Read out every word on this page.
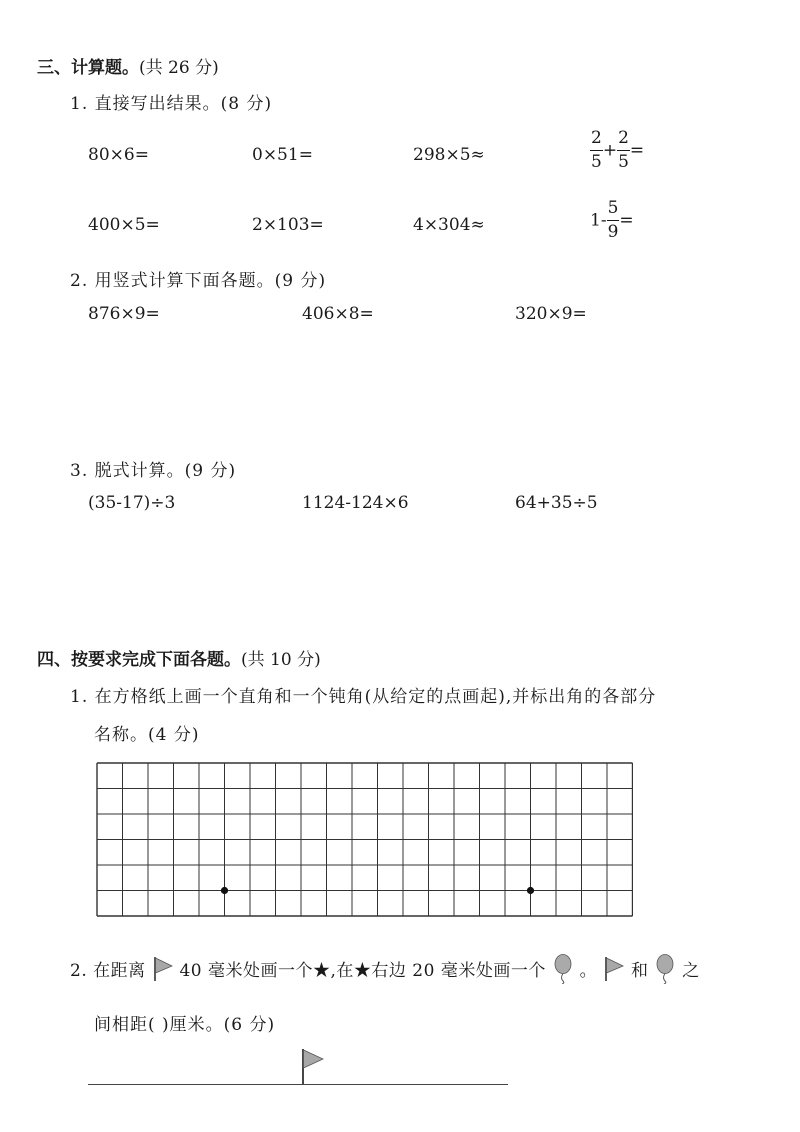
三、计算题。(共 26 分)
1. 直接写出结果。(8 分)
80×6=	0×51=	298×5≈	$\frac{2}{5} + \frac{2}{5}$ =
400×5=	2×103=	4×304≈	$1- \frac{5}{9}$ =
2. 用竖式计算下面各题。(9 分)
876×9=	406×8=	320×9=
3. 脱式计算。(9 分)
(35-17)÷3	1124-124×6	64+35÷5
四、按要求完成下面各题。(共 10 分)
1. 在方格纸上画一个直角和一个钝角(从给定的点画起),并标出角的各部分
名称。(4 分)
2. 在距离 40 毫米处画一个★,在★右边 20 毫米处画一个 。 和 之
间相距( )厘米。(6 分)
